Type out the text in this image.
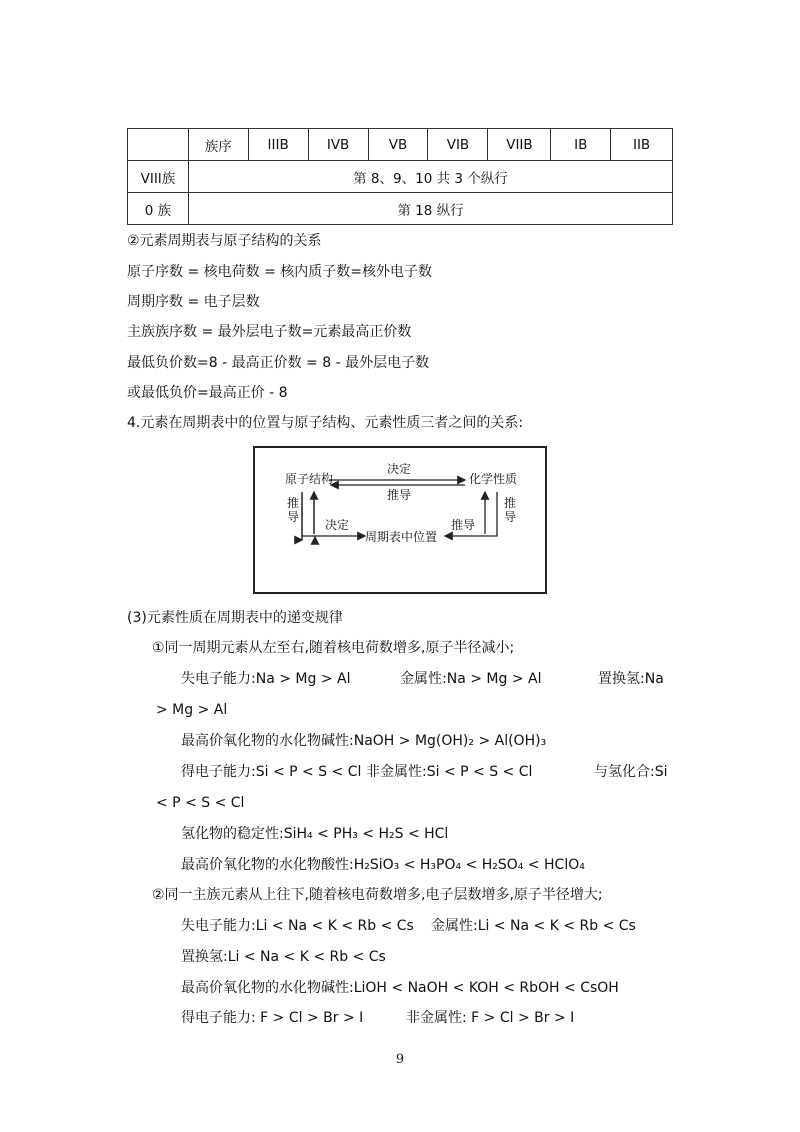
	族序	IIIB	IVB	VB	VIB	VIIB	IB	IIB
VIII族	第 8、9、10 共 3 个纵行							
0 族	第 18 纵行							
②元素周期表与原子结构的关系
原子序数 = 核电荷数 = 核内质子数=核外电子数
周期序数 = 电子层数
主族族序数 = 最外层电子数=元素最高正价数
最低负价数=8 - 最高正价数 = 8 - 最外层电子数
或最低负价=最高正价 - 8
4.元素在周期表中的位置与原子结构、元素性质三者之间的关系:
原子结构	化学性质
决定
推导
推导
推导
决定	推导
周期表中位置
(3)元素性质在周期表中的递变规律
①同一周期元素从左至右,随着核电荷数增多,原子半径减小;
失电子能力:Na > Mg > Al	金属性:Na > Mg > Al	置换氢:Na
> Mg > Al
最高价氧化物的水化物碱性:NaOH > Mg(OH)₂ > Al(OH)₃
得电子能力:Si < P < S < Cl 非金属性:Si < P < S < Cl	与氢化合:Si
< P < S < Cl
氢化物的稳定性:SiH₄ < PH₃ < H₂S < HCl
最高价氧化物的水化物酸性:H₂SiO₃ < H₃PO₄ < H₂SO₄ < HClO₄
②同一主族元素从上往下,随着核电荷数增多,电子层数增多,原子半径增大;
失电子能力:Li < Na < K < Rb < Cs 金属性:Li < Na < K < Rb < Cs
置换氢:Li < Na < K < Rb < Cs
最高价氧化物的水化物碱性:LiOH < NaOH < KOH < RbOH < CsOH
得电子能力: F > Cl > Br > I	非金属性: F > Cl > Br > I
9
